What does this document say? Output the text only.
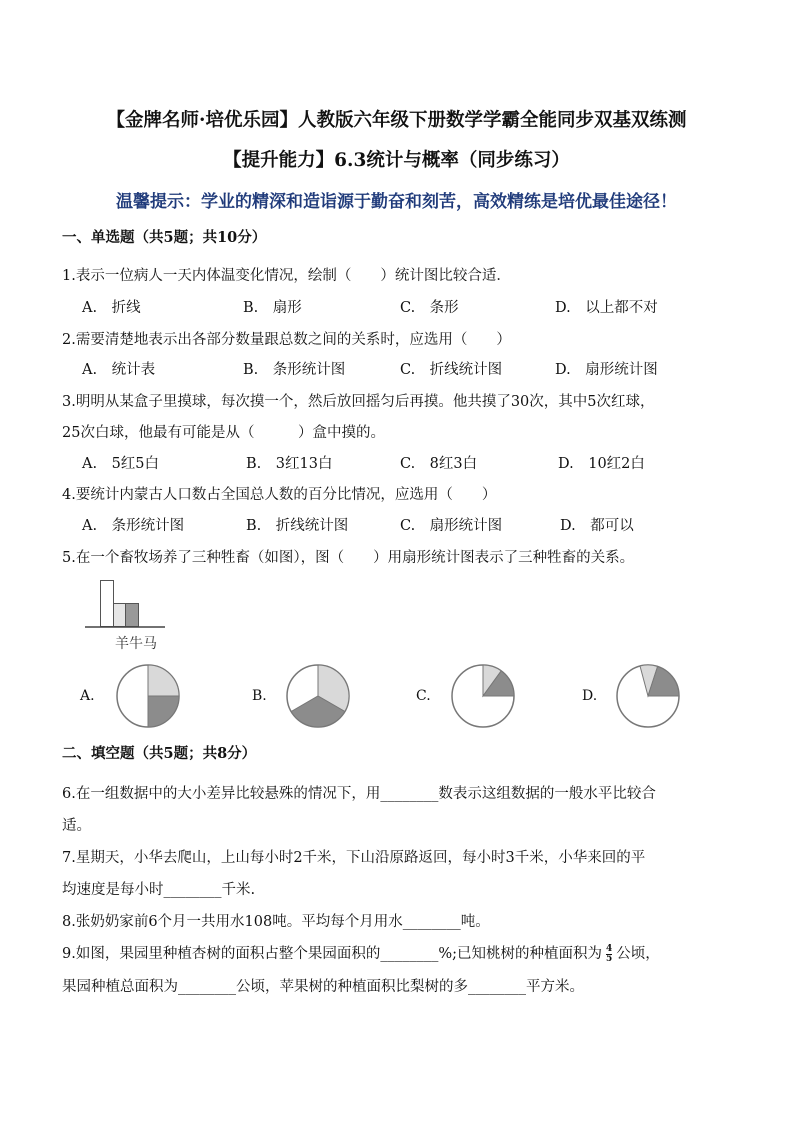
【金牌名师·培优乐园】人教版六年级下册数学学霸全能同步双基双练测
【提升能力】6.3统计与概率（同步练习）
温馨提示：学业的精深和造诣源于勤奋和刻苦，高效精练是培优最佳途径！
一、单选题（共5题；共10分）
1.表示一位病人一天内体温变化情况，绘制（　　）统计图比较合适．
A.　折线	B.　扇形	C.　条形	D.　以上都不对
2.需要清楚地表示出各部分数量跟总数之间的关系时，应选用（　　）
A.　统计表	B.　条形统计图	C.　折线统计图	D.　扇形统计图
3.明明从某盒子里摸球，每次摸一个，然后放回摇匀后再摸。他共摸了30次，其中5次红球，
25次白球，他最有可能是从（　　　）盒中摸的。
A.　5红5白	B.　3红13白	C.　8红3白	D.　10红2白
4.要统计内蒙古人口数占全国总人数的百分比情况，应选用（　　）
A.　条形统计图	B.　折线统计图	C.　扇形统计图	D.　都可以
5.在一个畜牧场养了三种牲畜（如图），图（　　）用扇形统计图表示了三种牲畜的关系。
羊牛马
A.	B.	C.	D.
二、填空题（共5题；共8分）
6.在一组数据中的大小差异比较悬殊的情况下，用________数表示这组数据的一般水平比较合
适。
7.星期天，小华去爬山，上山每小时2千米，下山沿原路返回，每小时3千米，小华来回的平
均速度是每小时________千米.
8.张奶奶家前6个月一共用水108吨。平均每个月用水________吨。
9.如图，果园里种植杏树的面积占整个果园面积的________%;已知桃树的种植面积为 $\frac{4}{5}$ 公顷，
果园种植总面积为________公顷，苹果树的种植面积比梨树的多________平方米。
